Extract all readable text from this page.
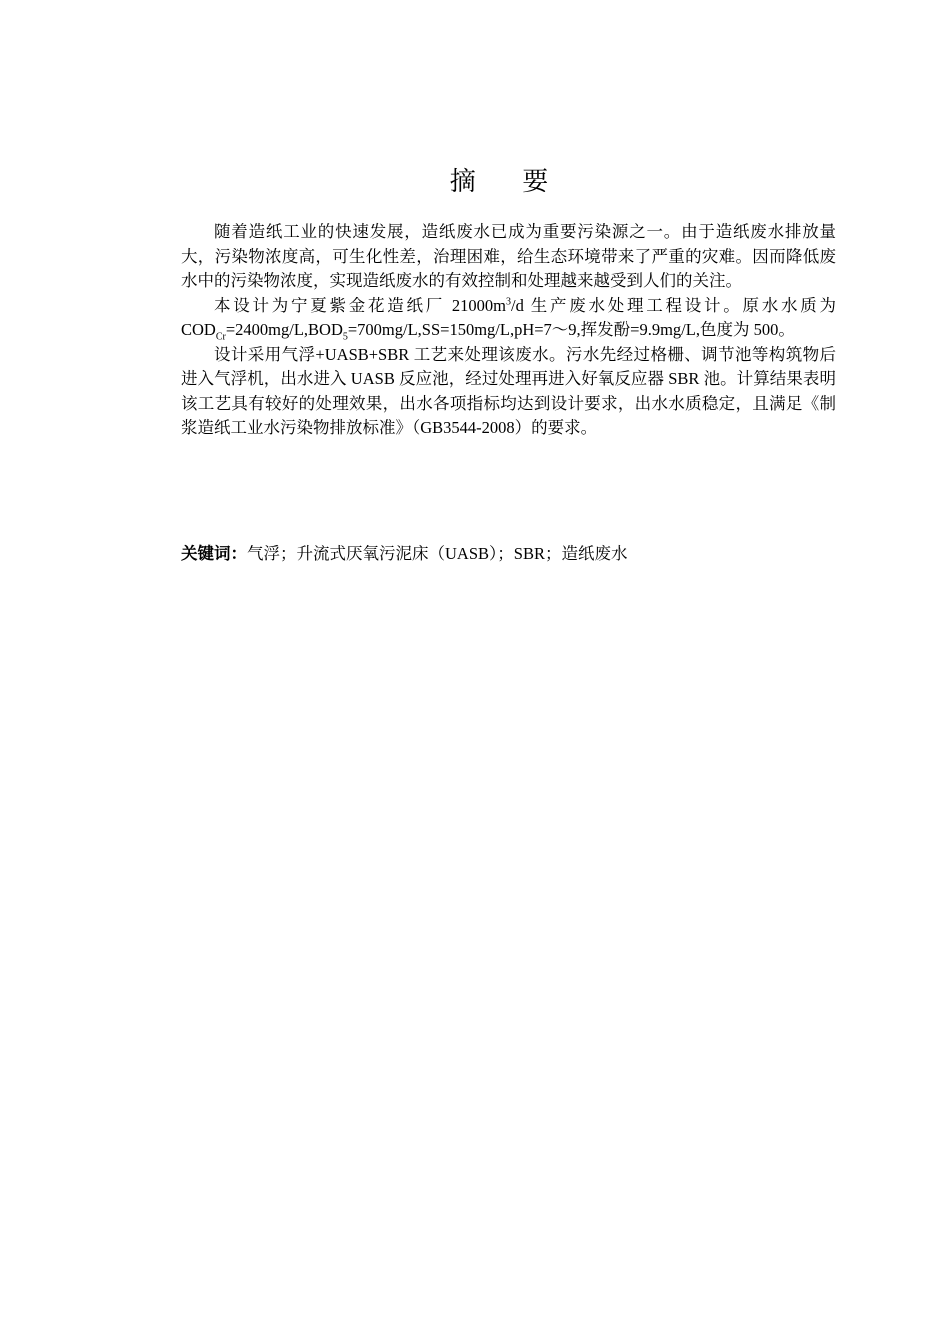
摘 要

随着造纸工业的快速发展，造纸废水已成为重要污染源之一。由于造纸废水排放量大，污染物浓度高，可生化性差，治理困难，给生态环境带来了严重的灾难。因而降低废水中的污染物浓度，实现造纸废水的有效控制和处理越来越受到人们的关注。

本设计为宁夏紫金花造纸厂 $21000m^3/d$ 生产废水处理工程设计。原水水质为 $COD_{Cr}=2400mg/L,BOD_5=700mg/L,SS=150mg/L,pH=7\sim 9$,挥发酚=9.9mg/L,色度为 500。

设计采用气浮+UASB+SBR 工艺来处理该废水。污水先经过格栅、调节池等构筑物后进入气浮机，出水进入 UASB 反应池，经过处理再进入好氧反应器 SBR 池。计算结果表明该工艺具有较好的处理效果，出水各项指标均达到设计要求，出水水质稳定，且满足《制浆造纸工业水污染物排放标准》（GB3544-2008）的要求。

关键词：气浮；升流式厌氧污泥床（UASB）；SBR；造纸废水
